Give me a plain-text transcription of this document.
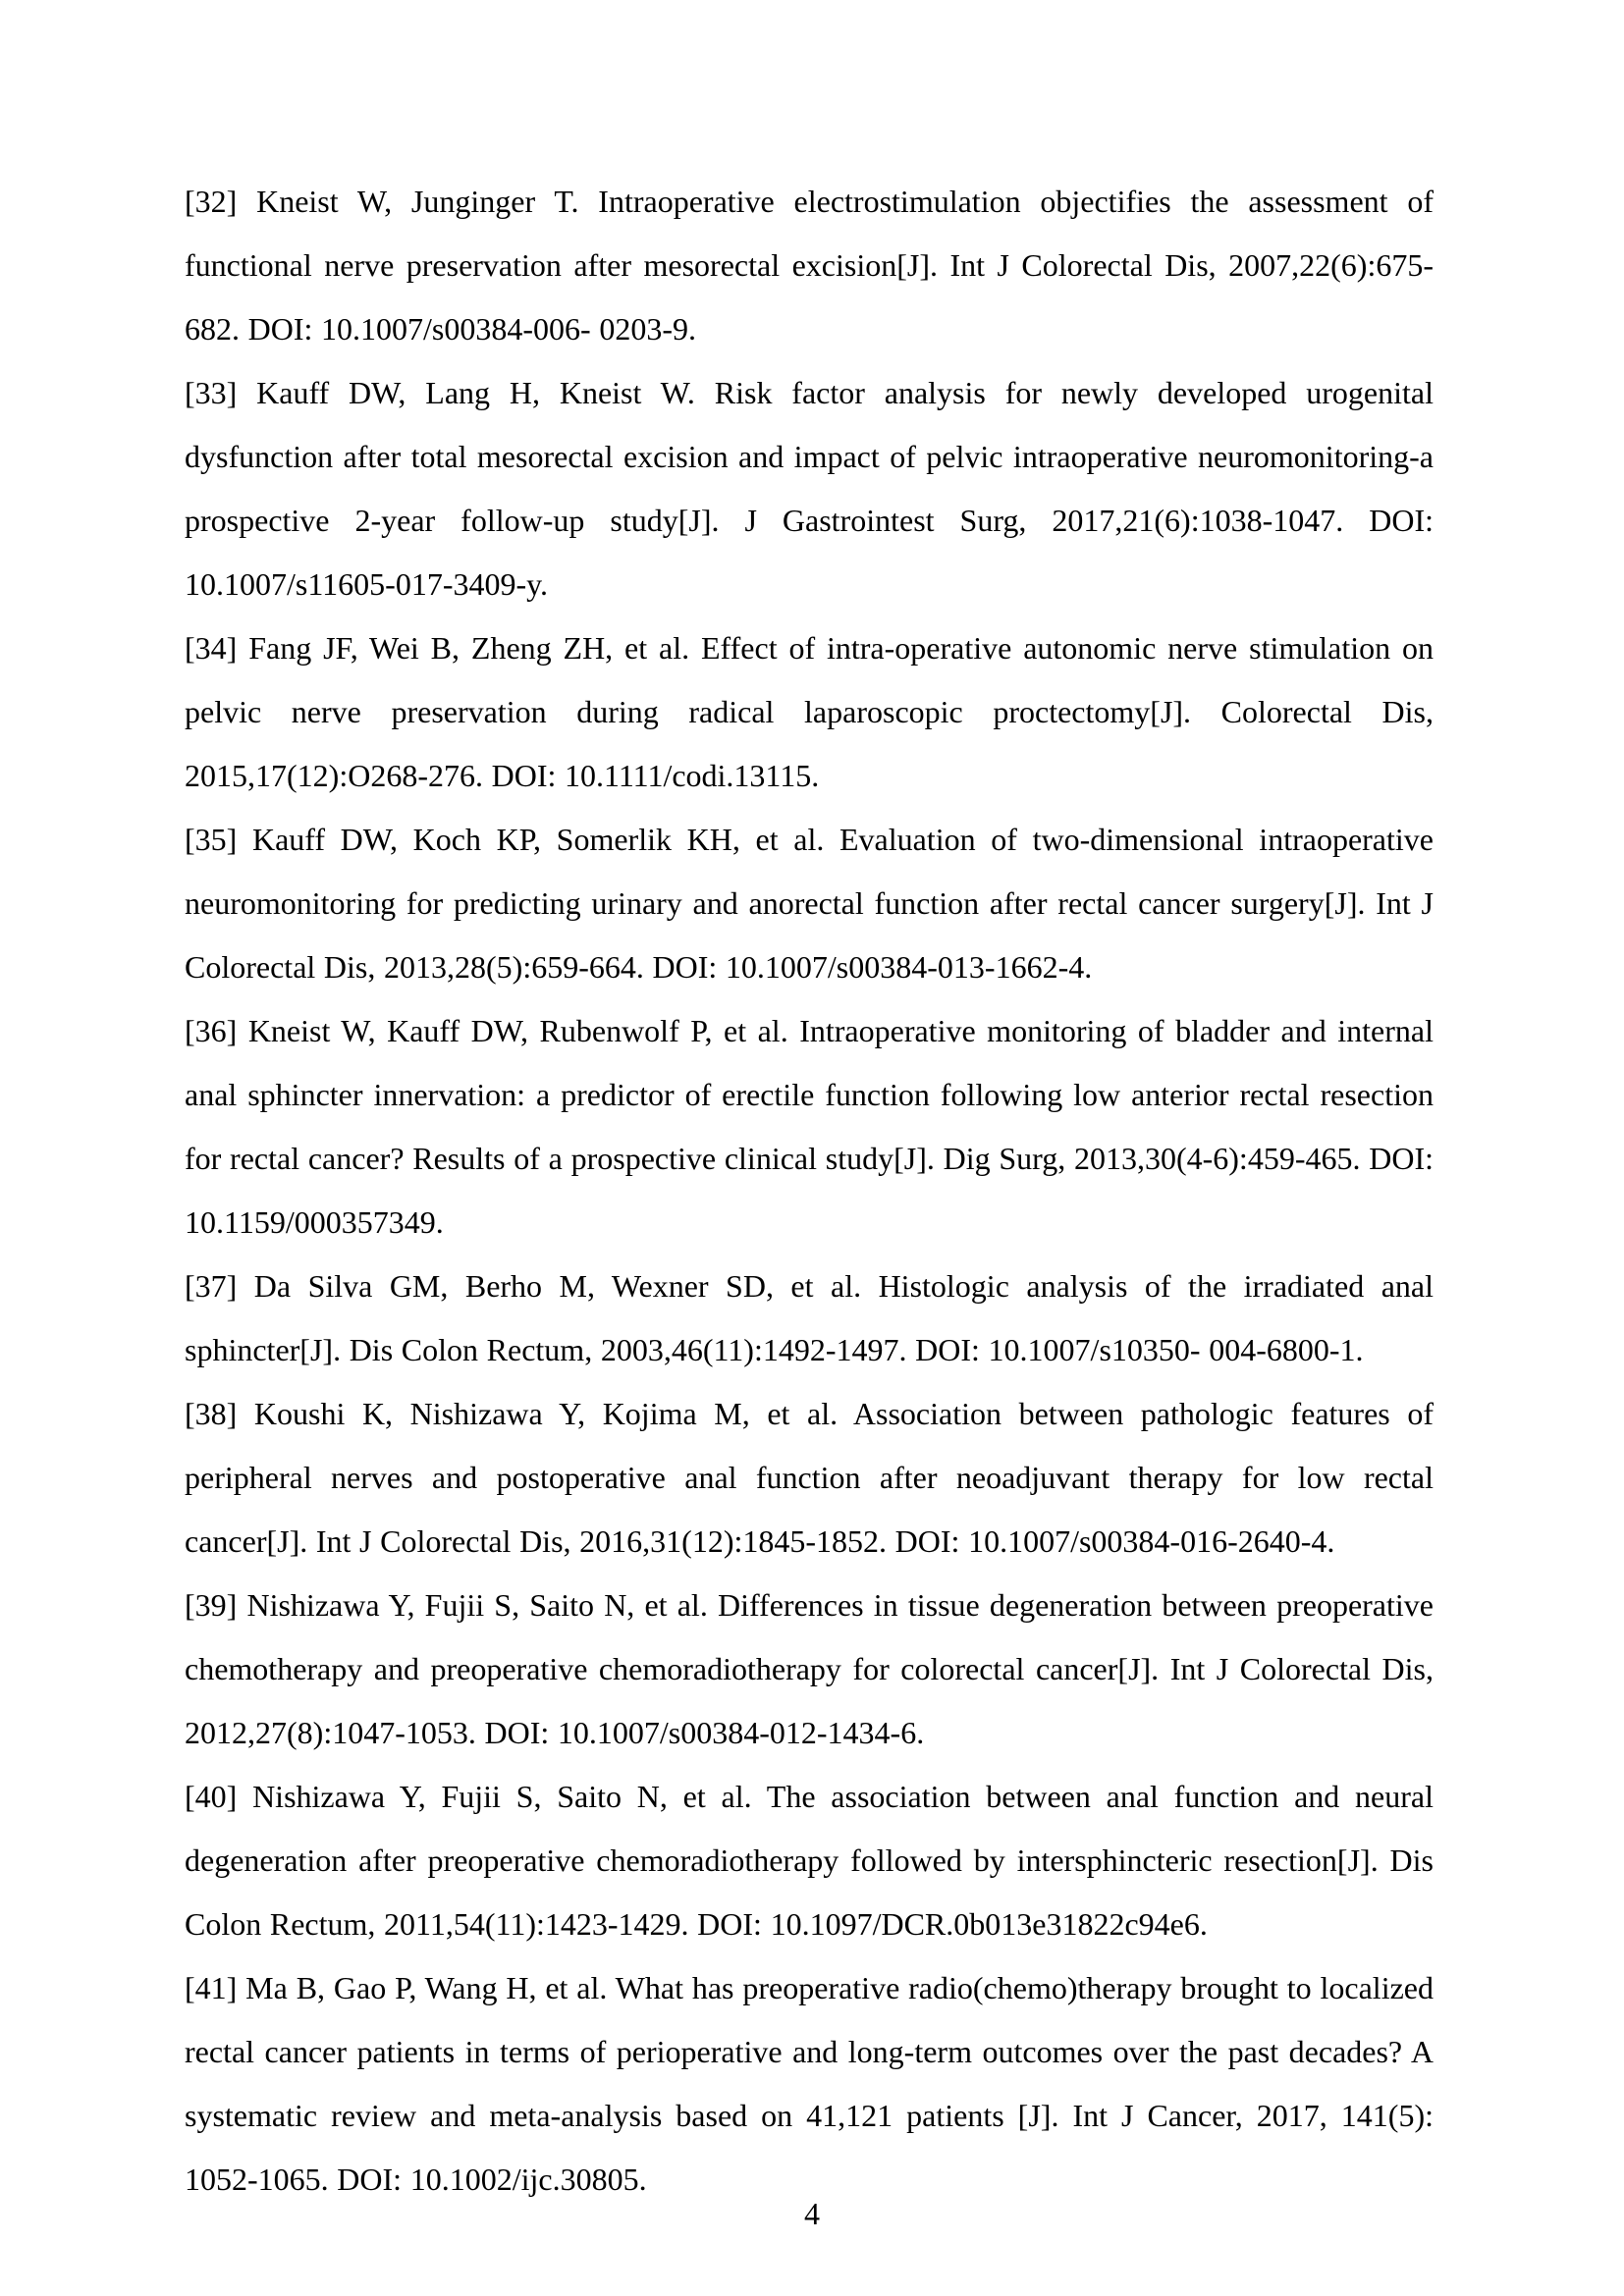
[32] Kneist W, Junginger T. Intraoperative electrostimulation objectifies the assessment of functional nerve preservation after mesorectal excision[J]. Int J Colorectal Dis, 2007,22(6):675-682. DOI: 10.1007/s00384-006- 0203-9.

[33] Kauff DW, Lang H, Kneist W. Risk factor analysis for newly developed urogenital dysfunction after total mesorectal excision and impact of pelvic intraoperative neuromonitoring-a prospective 2-year follow-up study[J]. J Gastrointest Surg, 2017,21(6):1038-1047. DOI: 10.1007/s11605-017-3409-y.

[34] Fang JF, Wei B, Zheng ZH, et al. Effect of intra-operative autonomic nerve stimulation on pelvic nerve preservation during radical laparoscopic proctectomy[J]. Colorectal Dis, 2015,17(12):O268-276. DOI: 10.1111/codi.13115.

[35] Kauff DW, Koch KP, Somerlik KH, et al. Evaluation of two-dimensional intraoperative neuromonitoring for predicting urinary and anorectal function after rectal cancer surgery[J]. Int J Colorectal Dis, 2013,28(5):659-664. DOI: 10.1007/s00384-013-1662-4.

[36] Kneist W, Kauff DW, Rubenwolf P, et al. Intraoperative monitoring of bladder and internal anal sphincter innervation: a predictor of erectile function following low anterior rectal resection for rectal cancer? Results of a prospective clinical study[J]. Dig Surg, 2013,30(4-6):459-465. DOI: 10.1159/000357349.

[37] Da Silva GM, Berho M, Wexner SD, et al. Histologic analysis of the irradiated anal sphincter[J]. Dis Colon Rectum, 2003,46(11):1492-1497. DOI: 10.1007/s10350- 004-6800-1.

[38] Koushi K, Nishizawa Y, Kojima M, et al. Association between pathologic features of peripheral nerves and postoperative anal function after neoadjuvant therapy for low rectal cancer[J]. Int J Colorectal Dis, 2016,31(12):1845-1852. DOI: 10.1007/s00384-016-2640-4.

[39] Nishizawa Y, Fujii S, Saito N, et al. Differences in tissue degeneration between preoperative chemotherapy and preoperative chemoradiotherapy for colorectal cancer[J]. Int J Colorectal Dis, 2012,27(8):1047-1053. DOI: 10.1007/s00384-012-1434-6.

[40] Nishizawa Y, Fujii S, Saito N, et al. The association between anal function and neural degeneration after preoperative chemoradiotherapy followed by intersphincteric resection[J]. Dis Colon Rectum, 2011,54(11):1423-1429. DOI: 10.1097/DCR.0b013e31822c94e6.

[41] Ma B, Gao P, Wang H, et al. What has preoperative radio(chemo)therapy brought to localized rectal cancer patients in terms of perioperative and long-term outcomes over the past decades? A systematic review and meta-analysis based on 41,121 patients [J]. Int J Cancer, 2017, 141(5): 1052-1065. DOI: 10.1002/ijc.30805.

4
